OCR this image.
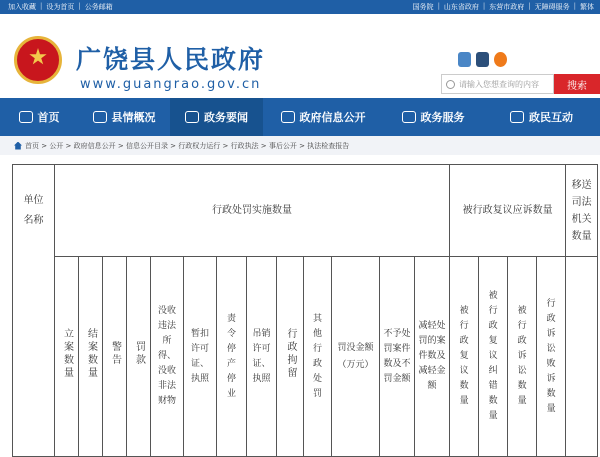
加入收藏 | 设为首页 | 公务邮箱	国务院 | 山东省政府 | 东营市政府 | 无障碍服务 | 繁体
广饶县人民政府
www.guangrao.gov.cn	请输入您想查询的内容	搜索
首页	县情概况	政务要闻	政府信息公开	政务服务	政民互动
首页 > 公开 > 政府信息公开 > 信息公开目录 > 行政权力运行 > 行政执法 > 事后公开 > 执法检查报告
单位名称	行政处罚实施数量													被行政复议应诉数量				移送司法机关数量

	立案数量	结案数量	警告	罚款	没收违法所得、没收非法财物	暂扣许可证、执照	责令停产停业	吊销许可证、执照	行政拘留	其他行政处罚	罚没金额（万元）	不予处罚案件数及不罚金额	减轻处罚的案件数及减轻金额	被行政复议数量	被行政复议纠错数量	被行政诉讼数量	行政诉讼败诉数量	
